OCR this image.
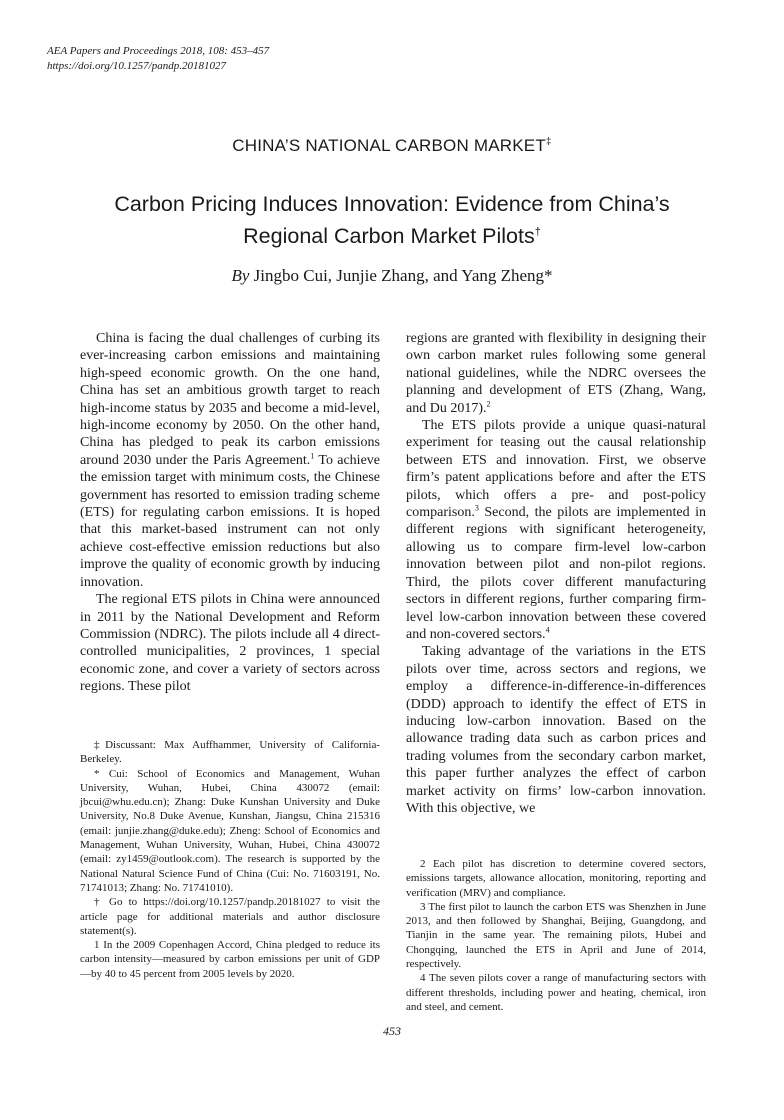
AEA Papers and Proceedings 2018, 108: 453–457
https://doi.org/10.1257/pandp.20181027
CHINA’S NATIONAL CARBON MARKET‡
Carbon Pricing Induces Innovation: Evidence from China’s
Regional Carbon Market Pilots†
By Jingbo Cui, Junjie Zhang, and Yang Zheng*

China is facing the dual challenges of curbing its ever-increasing carbon emissions and maintaining high-speed economic growth. On the one hand, China has set an ambitious growth target to reach high-income status by 2035 and become a mid-level, high-income economy by 2050. On the other hand, China has pledged to peak its carbon emissions around 2030 under the Paris Agreement.$^1$ To achieve the emission target with minimum costs, the Chinese government has resorted to emission trading scheme (ETS) for regulating carbon emissions. It is hoped that this market-based instrument can not only achieve cost-effective emission reductions but also improve the quality of economic growth by inducing innovation.

The regional ETS pilots in China were announced in 2011 by the National Development and Reform Commission (NDRC). The pilots include all 4 direct-controlled municipalities, 2 provinces, 1 special economic zone, and cover a variety of sectors across regions. These pilot

regions are granted with flexibility in designing their own carbon market rules following some general national guidelines, while the NDRC oversees the planning and development of ETS (Zhang, Wang, and Du 2017).$^2$

The ETS pilots provide a unique quasi-natural experiment for teasing out the causal relationship between ETS and innovation. First, we observe firm’s patent applications before and after the ETS pilots, which offers a pre- and post-policy comparison.$^3$ Second, the pilots are implemented in different regions with significant heterogeneity, allowing us to compare firm-level low-carbon innovation between pilot and non-pilot regions. Third, the pilots cover different manufacturing sectors in different regions, further comparing firm-level low-carbon innovation between these covered and non-covered sectors.$^4$

Taking advantage of the variations in the ETS pilots over time, across sectors and regions, we employ a difference-in-difference-in-differences (DDD) approach to identify the effect of ETS in inducing low-carbon innovation. Based on the allowance trading data such as carbon prices and trading volumes from the secondary carbon market, this paper further analyzes the effect of carbon market activity on firms’ low-carbon innovation. With this objective, we

‡Discussant: Max Auffhammer, University of California-Berkeley.

* Cui: School of Economics and Management, Wuhan University, Wuhan, Hubei, China 430072 (email: jbcui@whu.edu.cn); Zhang: Duke Kunshan University and Duke University, No.8 Duke Avenue, Kunshan, Jiangsu, China 215316 (email: junjie.zhang@duke.edu); Zheng: School of Economics and Management, Wuhan University, Wuhan, Hubei, China 430072 (email: zy1459@outlook.com). The research is supported by the National Natural Science Fund of China (Cui: No. 71603191, No. 71741013; Zhang: No. 71741010).

† Go to https://doi.org/10.1257/pandp.20181027 to visit the article page for additional materials and author disclosure statement(s).

1 In the 2009 Copenhagen Accord, China pledged to reduce its carbon intensity—measured by carbon emissions per unit of GDP—by 40 to 45 percent from 2005 levels by 2020.

2 Each pilot has discretion to determine covered sectors, emissions targets, allowance allocation, monitoring, reporting and verification (MRV) and compliance.

3 The first pilot to launch the carbon ETS was Shenzhen in June 2013, and then followed by Shanghai, Beijing, Guangdong, and Tianjin in the same year. The remaining pilots, Hubei and Chongqing, launched the ETS in April and June of 2014, respectively.

4 The seven pilots cover a range of manufacturing sectors with different thresholds, including power and heating, chemical, iron and steel, and cement.

453
